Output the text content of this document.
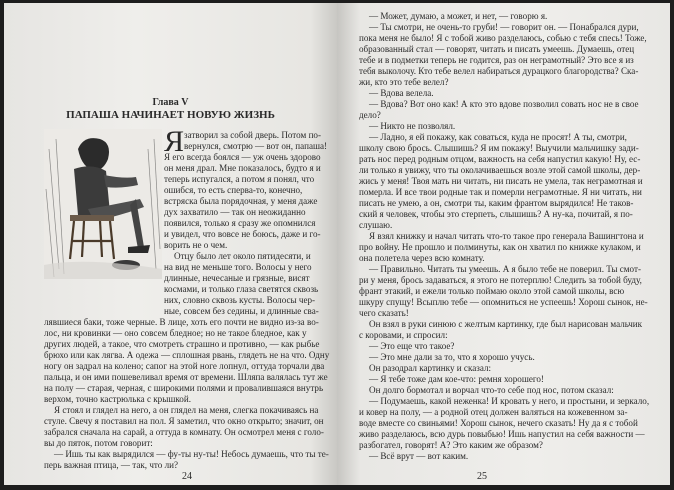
Глава V
ПАПАША НАЧИНАЕТ НОВУЮ ЖИЗНЬ
Я затворил за собой дверь. Потом по-

вернулся, смотрю — вот он, папаша!

Я его всегда боялся — уж очень здорово

он меня драл. Мне показалось, будто я и

теперь испугался, а потом я понял, что

ошибся, то есть сперва-то, конечно,

встряска была порядочная, у меня даже

дух захватило — так он неожиданно

появился, только я сразу же опомнился

и увидел, что вовсе не боюсь, даже и го-

ворить не о чем.

Отцу было лет около пятидесяти, и

на вид не меньше того. Волосы у него

длинные, нечесаные и грязные, висят

космами, и только глаза светятся сквозь

них, словно сквозь кусты. Волосы чер-

ные, совсем без седины, и длинные сва-

лявшиеся баки, тоже черные. В лице, хоть его почти не видно из-за во-

лос, ни кровинки — оно совсем бледное; но не такое бледное, как у

других людей, а такое, что смотреть страшно и противно, — как рыбье

брюхо или как лягва. А одежа — сплошная рвань, глядеть не на что. Одну

ногу он задрал на колено; сапог на этой ноге лопнул, оттуда торчали два

пальца, и он ими пошевеливал время от времени. Шляпа валялась тут же

на полу — старая, черная, с широкими полями и провалившаяся внутрь

верхом, точно кастрюлька с крышкой.

Я стоял и глядел на него, а он глядел на меня, слегка покачиваясь на

стуле. Свечу я поставил на пол. Я заметил, что окно открыто; значит, он

забрался сначала на сарай, а оттуда в комнату. Он осмотрел меня с голо-

вы до пяток, потом говорит:

— Ишь ты как вырядился — фу-ты ну-ты! Небось думаешь, что ты те-

перь важная птица, — так, что ли?

24

— Может, думаю, а может, и нет, — говорю я.

— Ты смотри, не очень-то груби! — говорит он. — Понабрался дури,

пока меня не было! Я с тобой живо разделаюсь, собью с тебя спесь! Тоже,

образованный стал — говорят, читать и писать умеешь. Думаешь, отец

тебе и в подметки теперь не годится, раз он неграмотный? Это все я из

тебя выколочу. Кто тебе велел набираться дурацкого благородства? Ска-

жи, кто это тебе велел?

— Вдова велела.

— Вдова? Вот оно как! А кто это вдове позволил совать нос не в свое

дело?

— Никто не позволял.

— Ладно, я ей покажу, как соваться, куда не просят! А ты, смотри,

школу свою брось. Слышишь? Я им покажу! Выучили мальчишку зади-

рать нос перед родным отцом, важность на себя напустил какую! Ну, ес-

ли только я увижу, что ты околачиваешься возле этой самой школы, дер-

жись у меня! Твоя мать ни читать, ни писать не умела, так неграмотная и

померла. И все твои родные так и померли неграмотные. Я ни читать, ни

писать не умею, а он, смотри ты, каким франтом вырядился! Не таков-

ский я человек, чтобы это стерпеть, слышишь? А ну-ка, почитай, я по-

слушаю.

Я взял книжку и начал читать что-то такое про генерала Вашингтона и

про войну. Не прошло и полминуты, как он хватил по книжке кулаком, и

она полетела через всю комнату.

— Правильно. Читать ты умеешь. А я было тебе не поверил. Ты смот-

ри у меня, брось задаваться, я этого не потерплю! Следить за тобой буду,

франт этакий, и ежели только поймаю около этой самой школы, всю

шкуру спущу! Всыплю тебе — опомниться не успеешь! Хорош сынок, не-

чего сказать!

Он взял в руки синюю с желтым картинку, где был нарисован мальчик

с коровами, и спросил:

— Это еще что такое?

— Это мне дали за то, что я хорошо учусь.

Он разодрал картинку и сказал:

— Я тебе тоже дам кое-что: ремня хорошего!

Он долго бормотал и ворчал что-то себе под нос, потом сказал:

— Подумаешь, какой неженка! И кровать у него, и простыни, и зеркало,

и ковер на полу, — а родной отец должен валяться на кожевенном за-

воде вместе со свиньями! Хорош сынок, нечего сказать! Ну да я с тобой

живо разделаюсь, всю дурь повыбью! Ишь напустил на себя важности —

разбогател, говорят! А? Это каким же образом?

— Всё врут — вот каким.

25
